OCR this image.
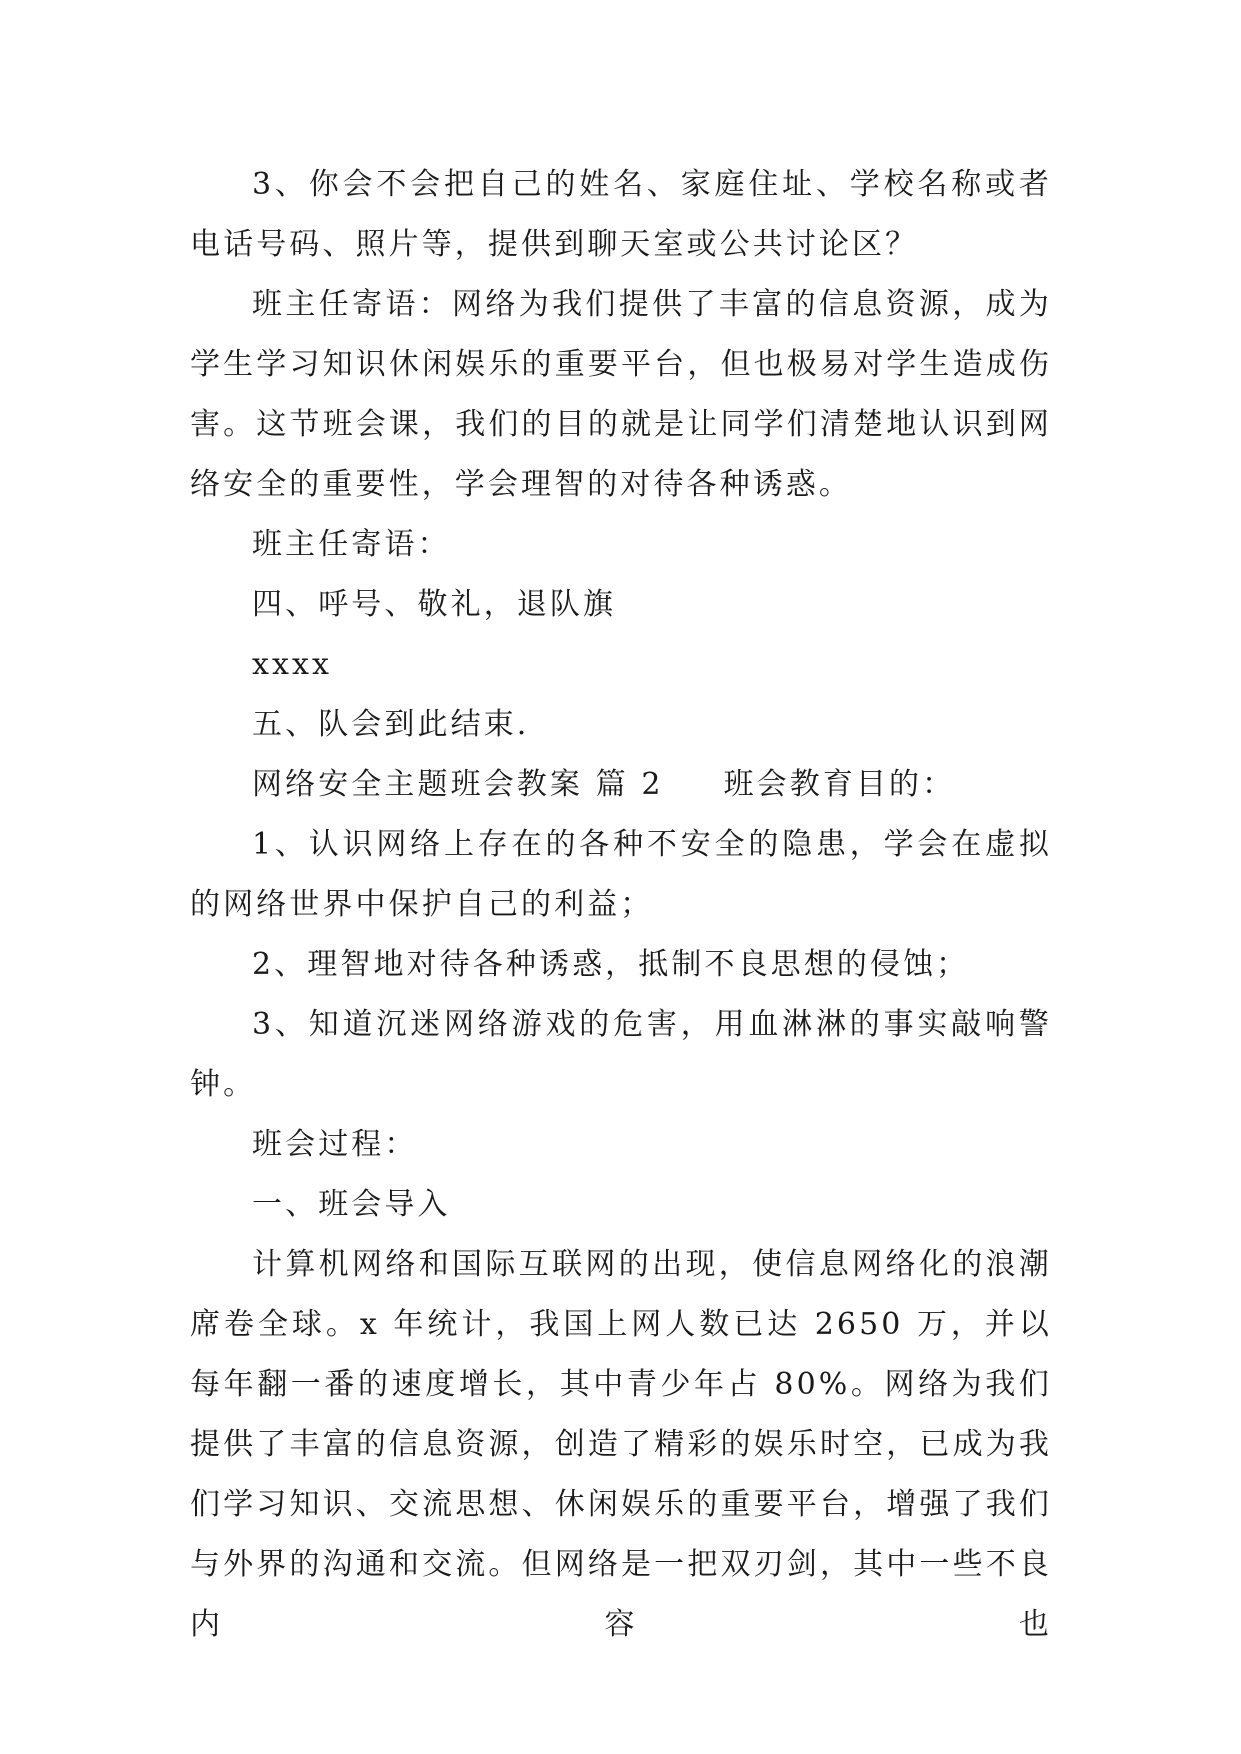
3、你会不会把自己的姓名、家庭住址、学校名称或者电话号码、照片等，提供到聊天室或公共讨论区？

班主任寄语：网络为我们提供了丰富的信息资源，成为学生学习知识休闲娱乐的重要平台，但也极易对学生造成伤害。这节班会课，我们的目的就是让同学们清楚地认识到网络安全的重要性，学会理智的对待各种诱惑。

班主任寄语：

四、呼号、敬礼，退队旗

xxxx

五、队会到此结束.

网络安全主题班会教案 篇 2 班会教育目的：

1、认识网络上存在的各种不安全的隐患，学会在虚拟的网络世界中保护自己的利益；

2、理智地对待各种诱惑，抵制不良思想的侵蚀；

3、知道沉迷网络游戏的危害，用血淋淋的事实敲响警钟。

班会过程：

一、班会导入

计算机网络和国际互联网的出现，使信息网络化的浪潮席卷全球。x 年统计，我国上网人数已达 2650 万，并以每年翻一番的速度增长，其中青少年占 80%。网络为我们提供了丰富的信息资源，创造了精彩的娱乐时空，已成为我们学习知识、交流思想、休闲娱乐的重要平台，增强了我们与外界的沟通和交流。但网络是一把双刃剑，其中一些不良内容也
